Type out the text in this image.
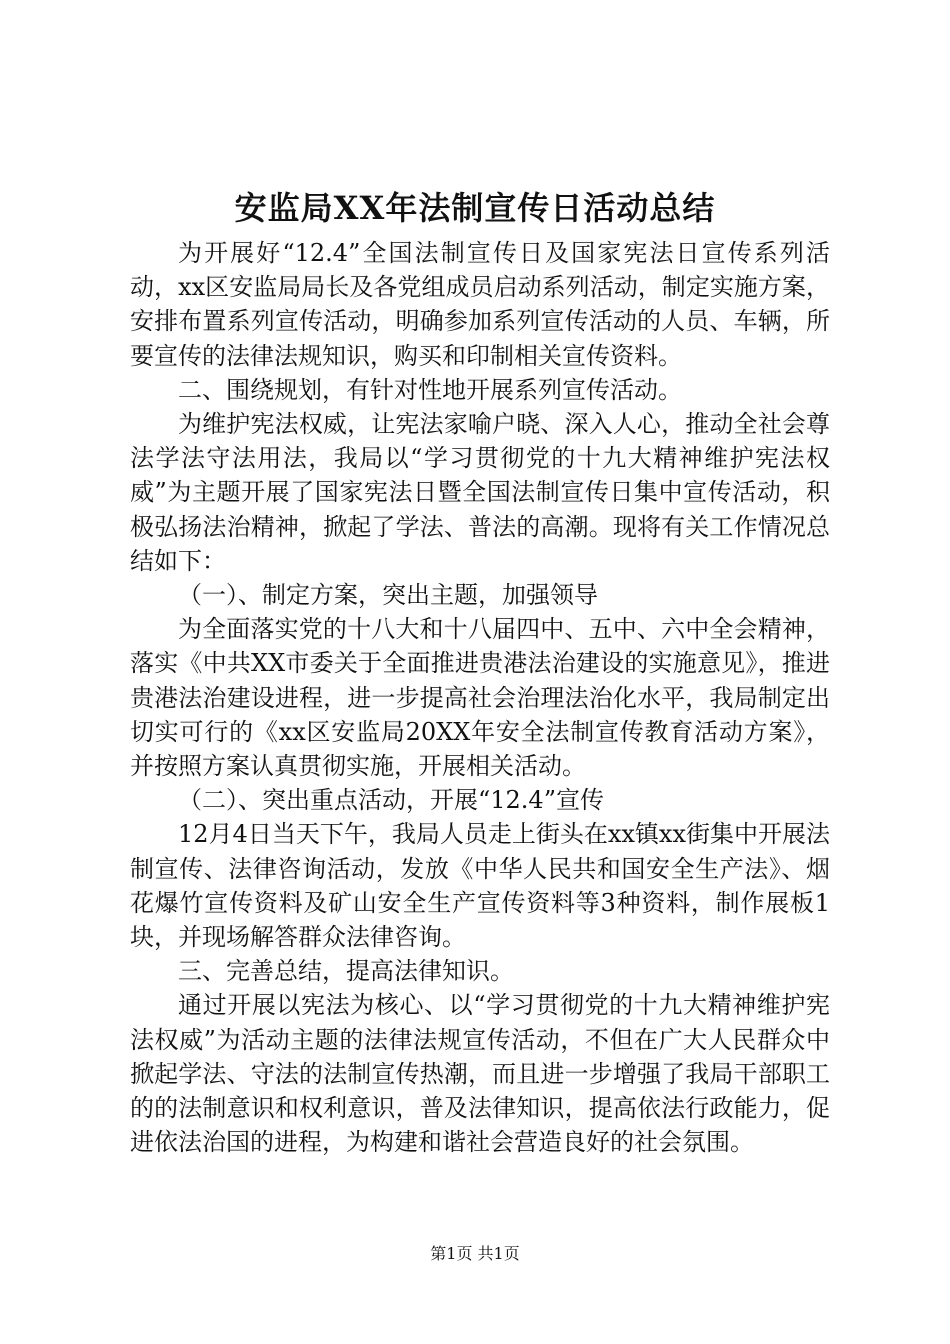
安监局XX年法制宣传日活动总结

为开展好“12.4”全国法制宣传日及国家宪法日宣传系列活动，xx区安监局局长及各党组成员启动系列活动，制定实施方案，安排布置系列宣传活动，明确参加系列宣传活动的人员、车辆，所要宣传的法律法规知识，购买和印制相关宣传资料。

二、围绕规划，有针对性地开展系列宣传活动。

为维护宪法权威，让宪法家喻户晓、深入人心，推动全社会尊法学法守法用法，我局以“学习贯彻党的十九大精神维护宪法权威”为主题开展了国家宪法日暨全国法制宣传日集中宣传活动，积极弘扬法治精神，掀起了学法、普法的高潮。现将有关工作情况总结如下：

（一）、制定方案，突出主题，加强领导

为全面落实党的十八大和十八届四中、五中、六中全会精神，落实《中共XX市委关于全面推进贵港法治建设的实施意见》，推进贵港法治建设进程，进一步提高社会治理法治化水平，我局制定出切实可行的《xx区安监局20XX年安全法制宣传教育活动方案》，并按照方案认真贯彻实施，开展相关活动。

（二）、突出重点活动，开展“12.4”宣传

12月4日当天下午，我局人员走上街头在xx镇xx街集中开展法制宣传、法律咨询活动，发放《中华人民共和国安全生产法》、烟花爆竹宣传资料及矿山安全生产宣传资料等3种资料，制作展板1块，并现场解答群众法律咨询。

三、完善总结，提高法律知识。

通过开展以宪法为核心、以“学习贯彻党的十九大精神维护宪法权威”为活动主题的法律法规宣传活动，不但在广大人民群众中掀起学法、守法的法制宣传热潮，而且进一步增强了我局干部职工的的法制意识和权利意识，普及法律知识，提高依法行政能力，促进依法治国的进程，为构建和谐社会营造良好的社会氛围。

第1页 共1页
